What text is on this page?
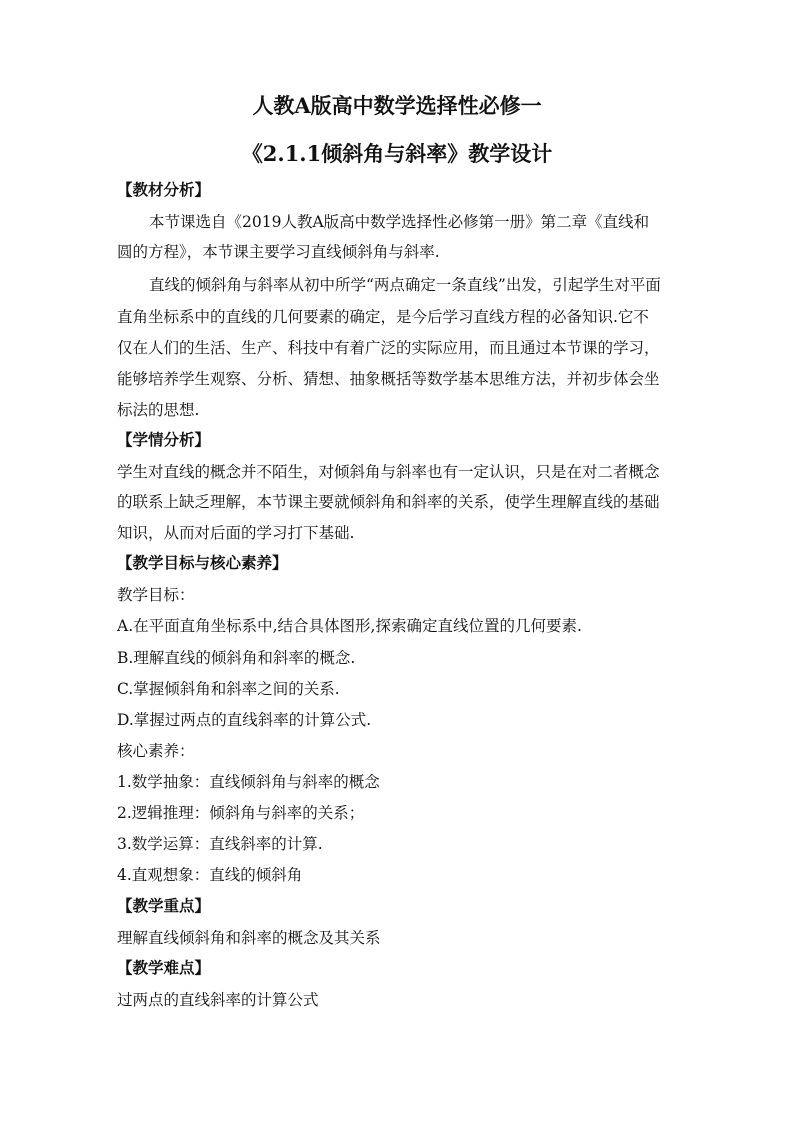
人教A版高中数学选择性必修一
《2.1.1倾斜角与斜率》教学设计
【教材分析】
本节课选自《2019人教A版高中数学选择性必修第一册》第二章《直线和
圆的方程》，本节课主要学习直线倾斜角与斜率.
直线的倾斜角与斜率从初中所学“两点确定一条直线”出发，引起学生对平面
直角坐标系中的直线的几何要素的确定，是今后学习直线方程的必备知识.它不
仅在人们的生活、生产、科技中有着广泛的实际应用，而且通过本节课的学习，
能够培养学生观察、分析、猜想、抽象概括等数学基本思维方法，并初步体会坐
标法的思想.
【学情分析】
学生对直线的概念并不陌生，对倾斜角与斜率也有一定认识，只是在对二者概念
的联系上缺乏理解，本节课主要就倾斜角和斜率的关系，使学生理解直线的基础
知识，从而对后面的学习打下基础.
【教学目标与核心素养】
教学目标：
A.在平面直角坐标系中,结合具体图形,探索确定直线位置的几何要素.
B.理解直线的倾斜角和斜率的概念.
C.掌握倾斜角和斜率之间的关系.
D.掌握过两点的直线斜率的计算公式.
核心素养：
1.数学抽象：直线倾斜角与斜率的概念
2.逻辑推理：倾斜角与斜率的关系；
3.数学运算：直线斜率的计算.
4.直观想象：直线的倾斜角
【教学重点】
理解直线倾斜角和斜率的概念及其关系
【教学难点】
过两点的直线斜率的计算公式
